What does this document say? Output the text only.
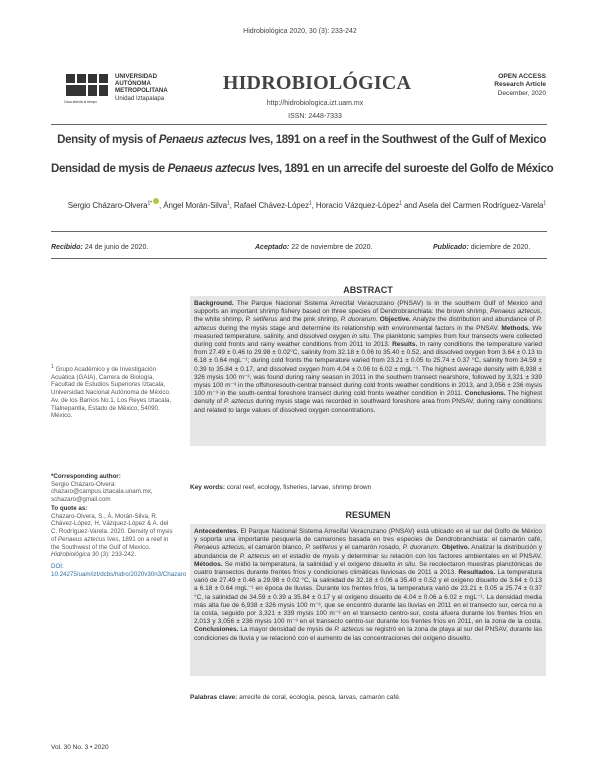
Hidrobiológica 2020, 30 (3): 233-242
Casa abierta al tiempo
UNIVERSIDAD
AUTÓNOMA
METROPOLITANA
Unidad Iztapalapa
HIDROBIOLÓGICA
http://hidrobiologica.izt.uam.mx
ISSN: 2448-7333
OPEN ACCESS
Research Article
December, 2020
Density of mysis of Penaeus aztecus Ives, 1891 on a reef in the Southwest of the Gulf of Mexico
Densidad de mysis de Penaeus aztecus Ives, 1891 en un arrecife del suroeste del Golfo de México
Sergio Cházaro-Olvera$^{1*}$ , Ángel Morán-Silva$^1$, Rafael Chávez-López$^1$, Horacio Vázquez-López$^1$ and Asela del Carmen Rodríguez-Varela$^1$
Recibido: 24 de junio de 2020.	Aceptado: 22 de noviembre de 2020.	Publicado: diciembre de 2020.
$^1$ Grupo Académico y de Investigación Acuática (GAIA), Carrera de Biología, Facultad de Estudios Superiores Iztacala, Universidad Nacional Autónoma de México. Av. de los Barrios No.1, Los Reyes Iztacala, Tlalnepantla, Estado de México, 54090. México.
*Corresponding author:
Sergio Cházaro-Olvera: chazaro@campus.iztacala.unam.mx, schazaro@gmail.com
To quote as:
Cházaro-Olvera, S., Á. Morán-Silva, R. Chávez-López, H. Vázquez-López & A. del C. Rodríguez-Varela. 2020. Density of mysis of Penaeus aztecus Ives, 1891 on a reef in the Southwest of the Gulf of Mexico. Hidrobiológica 30 (3): 233-242.
DOI: 10.24275/uam/izt/dcbs/hidro/2020v30n3/Chazaro
ABSTRACT
Background. The Parque Nacional Sistema Arrecifal Veracruzano (PNSAV) is in the southern Gulf of Mexico and supports an important shrimp fishery based on three species of Dendrobranchiata: the brown shrimp, Penaeus aztecus, the white shrimp, P. setiferus and the pink shrimp, P. duorarum. Objective. Analyze the distribution and abundance of P. aztecus during the mysis stage and determine its relationship with environmental factors in the PNSAV. Methods. We measured temperature, salinity, and dissolved oxygen in situ. The planktonic samples from four transects were collected during cold fronts and rainy weather conditions from 2011 to 2013. Results. In rainy conditions the temperature varied from 27.49 ± 0.46 to 29.98 ± 0.02°C, salinity from 32.18 ± 0.06 to 35.40 ± 0.52, and dissolved oxygen from 3.64 ± 0.13 to 6.18 ± 0.64 mgL⁻¹; during cold fronts the temperature varied from 23.21 ± 0.05 to 25.74 ± 0.37 °C, salinity from 34.59 ± 0.39 to 35.84 ± 0.17, and dissolved oxygen from 4.04 ± 0.06 to 6.02 ± mgL⁻¹. The highest average density with 6,938 ± 326 mysis 100 m⁻³, was found during rainy season in 2011 in the southern transect nearshore, followed by 3,321 ± 339 mysis 100 m⁻³ in the offshoresouth-central transect during cold fronts weather conditions in 2013, and 3,056 ± 236 mysis 100 m⁻³ in the south-central foreshore transect during cold fronts weather condition in 2011. Conclusions. The highest density of P. aztecus during mysis stage was recorded in southward foreshore area from PNSAV, during rainy conditions and related to large values of dissolved oxygen concentrations.
Key words: coral reef, ecology, fisheries, larvae, shrimp brown
RESUMEN
Antecedentes. El Parque Nacional Sistema Arrecifal Veracruzano (PNSAV) está ubicado en el sur del Golfo de México y soporta una importante pesquería de camarones basada en tres especies de Dendrobranchiata: el camarón café, Penaeus aztecus, el camarón blanco, P. setiferus y el camarón rosado, P. duorarum. Objetivo. Analizar la distribución y abundancia de P. aztecus en el estadio de mysis y determinar su relación con los factores ambientales en el PNSAV. Métodos. Se midió la temperatura, la salinidad y el oxígeno disuelto in situ. Se recolectaron muestras planctónicas de cuatro transectos durante frentes fríos y condiciones climáticas lluviosas de 2011 a 2013. Resultados. La temperatura varió de 27.49 ± 0.46 a 29.98 ± 0.02 °C, la salinidad de 32.18 ± 0.06 a 35.40 ± 0.52 y el oxígeno disuelto de 3.64 ± 0.13 a 6.18 ± 0.64 mgL⁻¹ en época de lluvias. Durante los frentes fríos, la temperatura varió de 23.21 ± 0.05 a 25.74 ± 0.37 °C, la salinidad de 34.59 ± 0.39 a 35.84 ± 0.17 y el oxígeno disuelto de 4.04 ± 0.06 a 6.02 ± mgL⁻¹. La densidad media más alta fue de 6,938 ± 326 mysis 100 m⁻³, que se encontró durante las lluvias en 2011 en el transecto sur, cerca no a la costa, seguido por 3,321 ± 339 mysis 100 m⁻³ en el transecto centro-sur, costa afuera durante los frentes fríos en 2,013 y 3,056 ± 236 mysis 100 m⁻³ en el transecto centro-sur durante los frentes fríos en 2011, en la zona de la costa. Conclusiones. La mayor densidad de mysis de P. aztecus se registró en la zona de playa al sur del PNSAV, durante las condiciones de lluvia y se relacionó con el aumento de las concentraciones del oxígeno disuelto.
Palabras clave: arrecife de coral, ecología, pesca, larvas, camarón café.
Vol. 30 No. 3 • 2020
